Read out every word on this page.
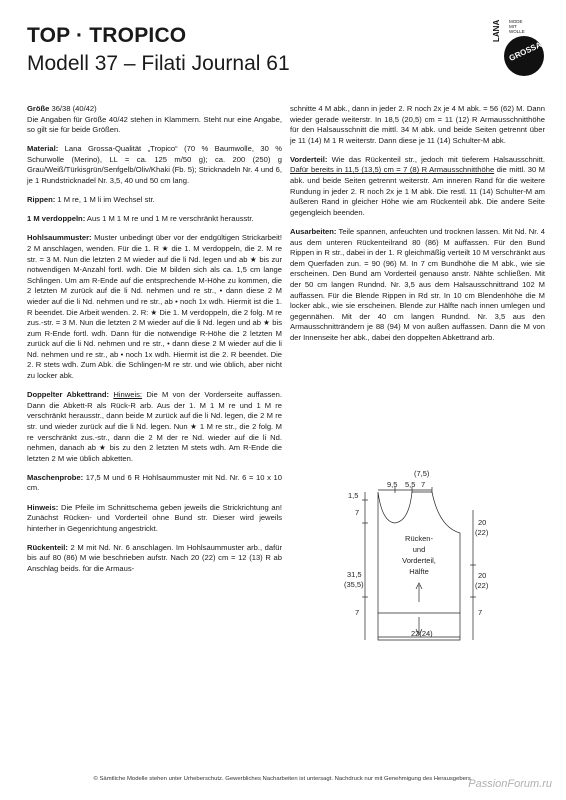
TOP · TROPICO
Modell 37 – Filati Journal 61
MODE
MIT
WOLLE
LANA
GROSSA

Größe 36/38 (40/42)
Die Angaben für Größe 40/42 stehen in Klammern. Steht nur eine Angabe, so gilt sie für beide Größen.

Material: Lana Grossa-Qualität „Tropico“ (70 % Baumwolle, 30 % Schurwolle (Merino), LL = ca. 125 m/50 g); ca. 200 (250) g Grau/Weiß/Türkisgrün/Senfgelb/Oliv/Khaki (Fb. 5); Stricknadeln Nr. 4 und 6, je 1 Rundstricknadel Nr. 3,5, 40 und 50 cm lang.

Rippen: 1 M re, 1 M li im Wechsel str.

1 M verdoppeln: Aus 1 M 1 M re und 1 M re verschränkt herausstr.

Hohlsaummuster: Muster unbedingt über vor der endgültigen Strickarbeit! 2 M anschlagen, wenden. Für die 1. R ★ die 1. M verdoppeln, die 2. M re str. = 3 M. Nun die letzten 2 M wieder auf die li Nd. legen und ab ★ bis zur notwendigen M-Anzahl fortl. wdh. Die M bilden sich als ca. 1,5 cm lange Schlingen. Um am R-Ende auf die entsprechende M-Höhe zu kommen, die 2 letzten M zurück auf die li Nd. nehmen und re str., • dann diese 2 M wieder auf die li Nd. nehmen und re str., ab • noch 1x wdh. Hiermit ist die 1. R beendet. Die Arbeit wenden. 2. R: ★ Die 1. M verdoppeln, die 2 folg. M re zus.-str. = 3 M. Nun die letzten 2 M wieder auf die li Nd. legen und ab ★ bis zum R-Ende fortl. wdh. Dann für die notwendige R-Höhe die 2 letzten M zurück auf die li Nd. nehmen und re str., • dann diese 2 M wieder auf die li Nd. nehmen und re str., ab • noch 1x wdh. Hiermit ist die 2. R beendet. Die 2. R stets wdh. Zum Abk. die Schlingen-M re str. und wie üblich, aber nicht zu locker abk.

Doppelter Abkettrand: Hinweis: Die M von der Vorderseite auffassen. Dann die Abkett-R als Rück-R arb. Aus der 1. M 1 M re und 1 M re verschränkt herausstr., dann beide M zurück auf die li Nd. legen, die 2 M re str. und wieder zurück auf die li Nd. legen. Nun ★ 1 M re str., die 2 folg. M re verschränkt zus.-str., dann die 2 M der re Nd. wieder auf die li Nd. nehmen, danach ab ★ bis zu den 2 letzten M stets wdh. Am R-Ende die letzten 2 M wie üblich abketten.

Maschenprobe: 17,5 M und 6 R Hohlsaummuster mit Nd. Nr. 6 = 10 x 10 cm.

Hinweis: Die Pfeile im Schnittschema geben jeweils die Strickrichtung an! Zunächst Rücken- und Vorderteil ohne Bund str. Dieser wird jeweils hinterher in Gegenrichtung angestrickt.

Rückenteil: 2 M mit Nd. Nr. 6 anschlagen. Im Hohlsaummuster arb., dafür bis auf 80 (86) M wie beschrieben aufstr. Nach 20 (22) cm = 12 (13) R ab Anschlag beids. für die Armaus-

schnitte 4 M abk., dann in jeder 2. R noch 2x je 4 M abk. = 56 (62) M. Dann wieder gerade weiterstr. In 18,5 (20,5) cm = 11 (12) R Armausschnitthöhe für den Halsausschnitt die mittl. 34 M abk. und beide Seiten getrennt über je 11 (14) M 1 R weiterstr. Dann diese je 11 (14) Schulter-M abk.

Vorderteil: Wie das Rückenteil str., jedoch mit tieferem Halsausschnitt. Dafür bereits in 11,5 (13,5) cm = 7 (8) R Armausschnitthöhe die mittl. 30 M abk. und beide Seiten getrennt weiterstr. Am inneren Rand für die weitere Rundung in jeder 2. R noch 2x je 1 M abk. Die restl. 11 (14) Schulter-M am äußeren Rand in gleicher Höhe wie am Rückenteil abk. Die andere Seite gegengleich beenden.

Ausarbeiten: Teile spannen, anfeuchten und trocknen lassen. Mit Nd. Nr. 4 aus dem unteren Rückenteilrand 80 (86) M auffassen. Für den Bund Rippen in R str., dabei in der 1. R gleichmäßig verteilt 10 M verschränkt aus dem Querfaden zun. = 90 (96) M. In 7 cm Bundhöhe die M abk., wie sie erscheinen. Den Bund am Vorderteil genauso anstr. Nähte schließen. Mit der 50 cm langen Rundnd. Nr. 3,5 aus dem Halsausschnittrand 102 M auffassen. Für die Blende Rippen in Rd str. In 10 cm Blendenhöhe die M locker abk., wie sie erscheinen. Blende zur Hälfte nach innen umlegen und gegennähen. Mit der 40 cm langen Rundnd. Nr. 3,5 aus den Armausschnitträndern je 88 (94) M von außen auffassen. Dann die M von der Innenseite her abk., dabei den doppelten Abkettrand arb.

(7,5)
9,5 5,5 7
1,5
7
31,5
(35,5)
7
20
(22)
20
(22)
7
22(24)
Rücken-
und
Vorderteil,
Hälfte
© Sämtliche Modelle stehen unter Urheberschutz. Gewerbliches Nacharbeiten ist untersagt. Nachdruck nur mit Genehmigung des Herausgebers.
PassionForum.ru
